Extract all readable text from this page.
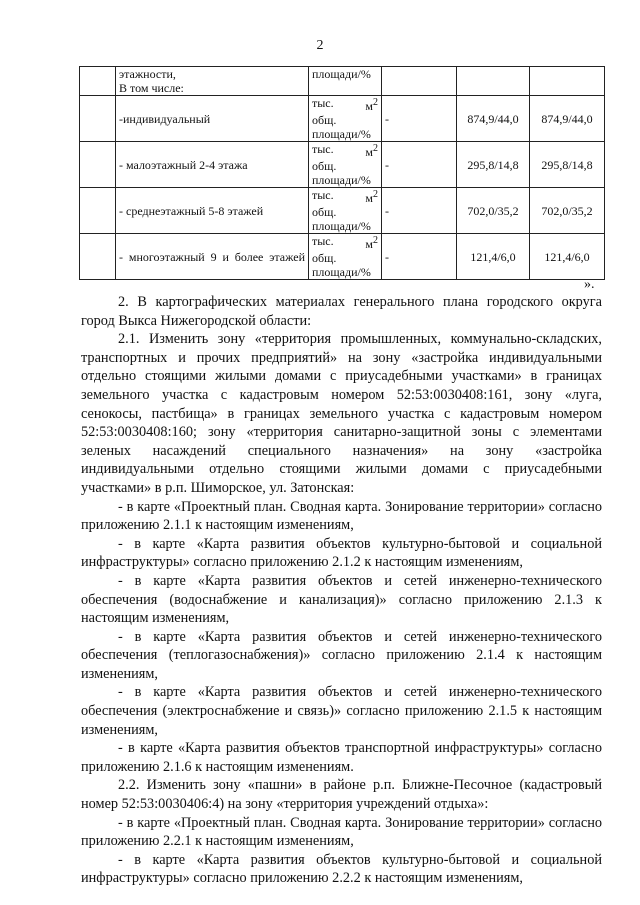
2

	этажности,
В том числе:	площади/%			
	-индивидуальный	тыс. $м^2$
общ.
площади/%	-	874,9/44,0	874,9/44,0
	- малоэтажный 2-4 этажа	тыс. $м^2$
общ.
площади/%	-	295,8/14,8	295,8/14,8
	- среднеэтажный 5-8 этажей	тыс. $м^2$
общ.
площади/%	-	702,0/35,2	702,0/35,2
	- многоэтажный 9 и более этажей	тыс. $м^2$
общ.
площади/%	-	121,4/6,0	121,4/6,0
».

2. В картографических материалах генерального плана городского округа город Выкса Нижегородской области:

2.1. Изменить зону «территория промышленных, коммунально-складских, транспортных и прочих предприятий» на зону «застройка индивидуальными отдельно стоящими жилыми домами с приусадебными участками» в границах земельного участка с кадастровым номером 52:53:0030408:161, зону «луга, сенокосы, пастбища» в границах земельного участка с кадастровым номером 52:53:0030408:160; зону «территория санитарно-защитной зоны с элементами зеленых насаждений специального назначения» на зону «застройка индивидуальными отдельно стоящими жилыми домами с приусадебными участками» в р.п. Шиморское, ул. Затонская:

- в карте «Проектный план. Сводная карта. Зонирование территории» согласно приложению 2.1.1 к настоящим изменениям,

- в карте «Карта развития объектов культурно-бытовой и социальной инфраструктуры» согласно приложению 2.1.2 к настоящим изменениям,

- в карте «Карта развития объектов и сетей инженерно-технического обеспечения (водоснабжение и канализация)» согласно приложению 2.1.3 к настоящим изменениям,

- в карте «Карта развития объектов и сетей инженерно-технического обеспечения (теплогазоснабжения)» согласно приложению 2.1.4 к настоящим изменениям,

- в карте «Карта развития объектов и сетей инженерно-технического обеспечения (электроснабжение и связь)» согласно приложению 2.1.5 к настоящим изменениям,

- в карте «Карта развития объектов транспортной инфраструктуры» согласно приложению 2.1.6 к настоящим изменениям.

2.2. Изменить зону «пашни» в районе р.п. Ближне-Песочное (кадастровый номер 52:53:0030406:4) на зону «территория учреждений отдыха»:

- в карте «Проектный план. Сводная карта. Зонирование территории» согласно приложению 2.2.1 к настоящим изменениям,

- в карте «Карта развития объектов культурно-бытовой и социальной инфраструктуры» согласно приложению 2.2.2 к настоящим изменениям,
